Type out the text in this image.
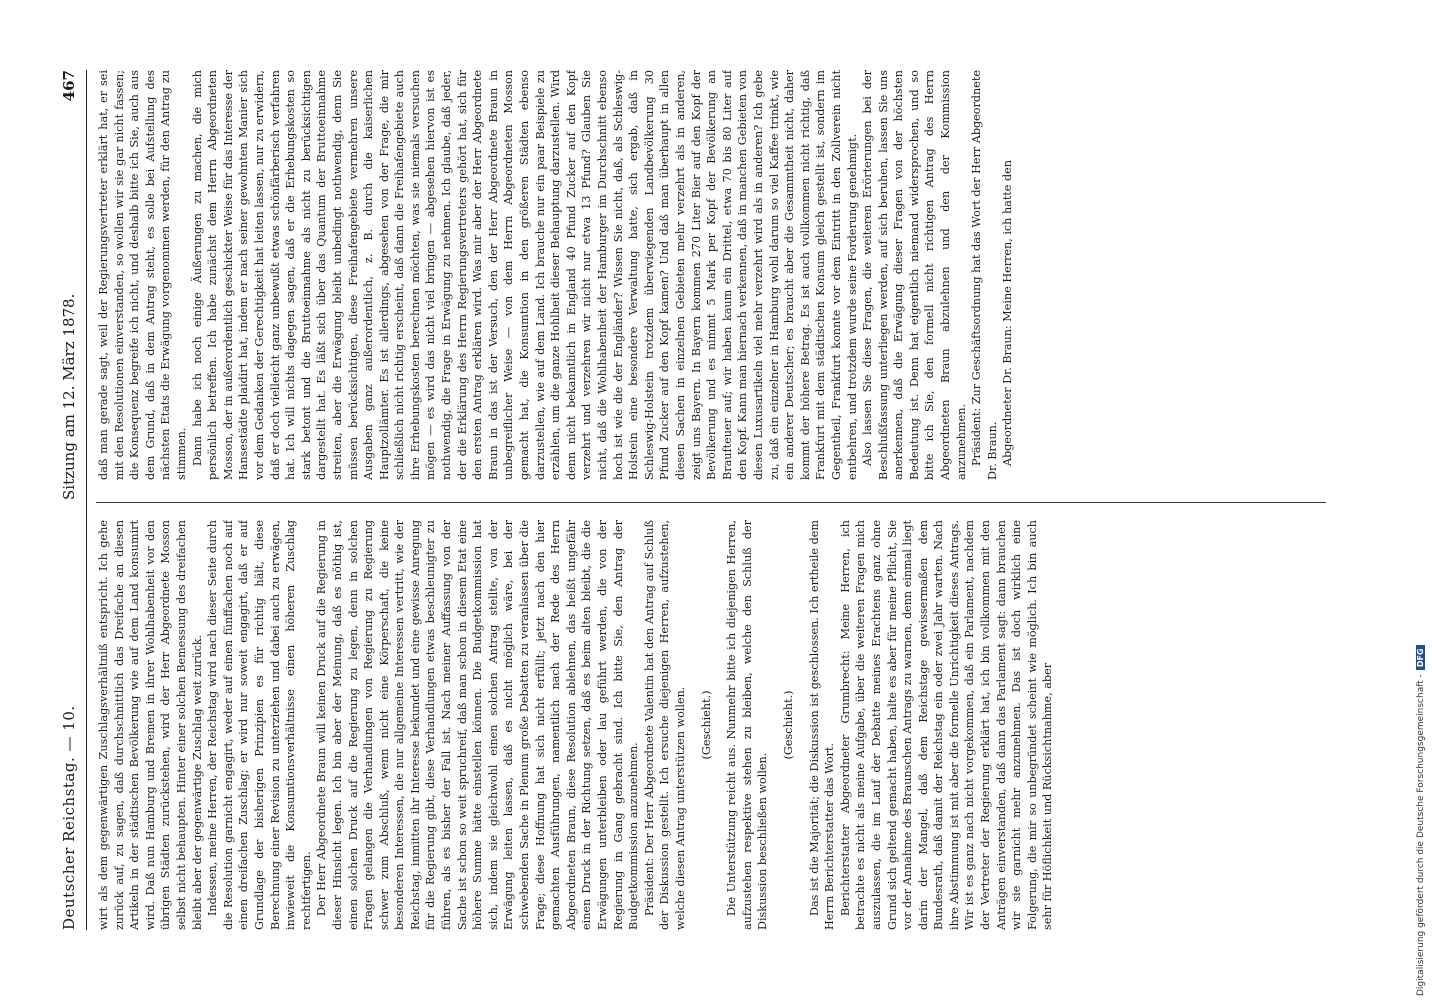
Deutscher Reichstag. — 10.
Sitzung am 12. März 1878.
467

wirt als dem gegenwärtigen Zuschlagsverhältniß entspricht. Ich gehe zurück auf, zu sagen, daß durchschnittlich das Dreifache an diesen Artikeln in der städtischen Bevölkerung wie auf dem Land konsumirt wird. Daß nun Hamburg und Bremen in ihrer Wohlhabenheit vor den übrigen Städten zurückstehen, wird der Herr Abgeordnete Mosson selbst nicht behaupten. Hinter einer solchen Bemessung des dreifachen bleibt aber der gegenwärtige Zuschlag weit zurück. Indessen, meine Herren, der Reichstag wird nach dieser Seite durch die Resolution garnicht engagirt, weder auf einen fünffachen noch auf einen dreifachen Zuschlag; er wird nur soweit engagirt, daß er auf Grundlage der bisherigen Prinzipien es für richtig hält, diese Berechnung einer Revision zu unterziehen und dabei auch zu erwägen, inwieweit die Konsumtionsverhältnisse einen höheren Zuschlag rechtfertigen. Der Herr Abgeordnete Braun will keinen Druck auf die Regierung in dieser Hinsicht legen. Ich bin aber der Meinung, daß es nöthig ist, einen solchen Druck auf die Regierung zu legen, denn in solchen Fragen gelangen die Verhandlungen von Regierung zu Regierung schwer zum Abschluß, wenn nicht eine Körperschaft, die keine besonderen Interessen, die nur allgemeine Interessen vertritt, wie der Reichstag, inmitten ihr Interesse bekundet und eine gewisse Anregung für die Regierung gibt, diese Verhandlungen etwas beschleunigter zu führen, als es bisher der Fall ist. Nach meiner Auffassung von der Sache ist schon so weit spruchreif, daß man schon in diesem Etat eine höhere Summe hätte einstellen können. Die Budgetkommission hat sich, indem sie gleichwohl einen solchen Antrag stellte, von der Erwägung leiten lassen, daß es nicht möglich wäre, bei der schwebenden Sache in Plenum große Debatten zu veranlassen über die Frage; diese Hoffnung hat sich nicht erfüllt; jetzt nach den hier gemachten Ausführungen, namentlich nach der Rede des Herrn Abgeordneten Braun, diese Resolution ablehnen, das heißt ungefähr einen Druck in der Richtung setzen, daß es beim alten bleibt, die die Erwägungen unterbleiben oder lau geführt werden, die von der Regierung in Gang gebracht sind. Ich bitte Sie, den Antrag der Budgetkommission anzunehmen. Präsident: Der Herr Abgeordnete Valentin hat den Antrag auf Schluß der Diskussion gestellt. Ich ersuche diejenigen Herren, aufzustehen, welche diesen Antrag unterstützen wollen. (Geschieht.) Die Unterstützung reicht aus. Nunmehr bitte ich diejenigen Herren, aufzustehen respektive stehen zu bleiben, welche den Schluß der Diskussion beschließen wollen.

(Geschieht.) Das ist die Majorität; die Diskussion ist geschlossen. Ich ertheile dem Herrn Berichterstatter das Wort. Berichterstatter Abgeordneter Grumbrecht: Meine Herren, ich betrachte es nicht als meine Aufgabe, über die weiteren Fragen mich auszulassen, die im Lauf der Debatte meines Erachtens ganz ohne Grund sich geltend gemacht haben, halte es aber für meine Pflicht, Sie vor der Annahme des Braunschen Antrags zu warnen, denn einmal liegt darin der Mangel, daß dem Reichstage gewissermaßen dem Bundesrath, daß damit der Reichstag ein oder zwei Jahr warten. Nach ihre Abstimmung ist mit aber die formelle Unrichtigkeit dieses Antrags. Wir ist es ganz nach nicht vorgekommen, daß ein Parlament, nachdem der Vertreter der Regierung erklärt hat, ich bin vollkommen mit den Anträgen einverstanden, daß dann das Parlament sagt: dann brauchen wir sie garnicht mehr anzunehmen. Das ist doch wirklich eine Folgerung, die mir so unbegründet scheint wie möglich. Ich bin auch sehr für Höflichkeit und Rücksichtnahme, aber

daß man gerade sagt, weil der Regierungsvertreter erklärt hat, er sei mit den Resolutionen einverstanden, so wollen wir sie gar nicht fassen; die Konsequenz begreife ich nicht, und deshalb bitte ich Sie, auch aus dem Grund, daß in dem Antrag steht, es solle bei Aufstellung des nächsten Etats die Erwägung vorgenommen werden, für den Antrag zu stimmen. Dann habe ich noch einige Äußerungen zu machen, die mich persönlich betreffen. Ich habe zunächst dem Herrn Abgeordneten Mosson, der in außerordentlich geschickter Weise für das Interesse der Hansestädte plaidirt hat, indem er nach seiner gewohnten Manier sich vor dem Gedanken der Gerechtigkeit hat leiten lassen, nur zu erwidern, daß er doch vielleicht ganz unbewußt etwas schönfärberisch verfahren hat. Ich will nichts dagegen sagen, daß er die Erhebungskosten so stark betont und die Bruttoeinnahme als nicht zu berücksichtigen dargestellt hat. Es läßt sich über das Quantum der Bruttoeinnahme streiten, aber die Erwägung bleibt unbedingt nothwendig, denn Sie müssen berücksichtigen, diese Freihafengebiete vermehren unsere Ausgaben ganz außerordentlich, z. B. durch die kaiserlichen Hauptzollämter. Es ist allerdings, abgesehen von der Frage, die mir schließlich nicht richtig erscheint, daß dann die Freihafengebiete auch ihre Erhebungskosten berechnen möchten, was sie niemals versuchen mögen — es wird das nicht viel bringen — abgesehen hiervon ist es nothwendig, die Frage in Erwägung zu nehmen. Ich glaube, daß jeder, der die Erklärung des Herrn Regierungsvertreters gehört hat, sich für den ersten Antrag erklären wird. Was mir aber der Herr Abgeordnete Braun in das ist der Versuch, den der Herr Abgeordnete Braun in unbegreiflicher Weise — von dem Herrn Abgeordneten Mosson gemacht hat, die Konsumtion in den größeren Städten ebenso darzustellen, wie auf dem Land. Ich brauche nur ein paar Beispiele zu erzählen, um die ganze Hohlheit dieser Behauptung darzustellen. Wird denn nicht bekanntlich in England 40 Pfund Zucker auf den Kopf verzehrt und verzehren wir nicht nur etwa 13 Pfund? Glauben Sie nicht, daß die Wohlhabenheit der Hamburger im Durchschnitt ebenso hoch ist wie die der Engländer? Wissen Sie nicht, daß, als Schleswig-Holstein eine besondere Verwaltung hatte, sich ergab, daß in Schleswig-Holstein trotzdem überwiegenden Landbevölkerung 30 Pfund Zucker auf den Kopf kamen? Und daß man überhaupt in allen diesen Sachen in einzelnen Gebieten mehr verzehrt als in anderen, zeigt uns Bayern. In Bayern kommen 270 Liter Bier auf den Kopf der Bevölkerung und es nimmt 5 Mark per Kopf der Bevölkerung an Braufteuer auf; wir haben kaum ein Drittel, etwa 70 bis 80 Liter auf den Kopf. Kann man hiernach verkennen, daß in manchen Gebieten von diesen Luxusartikeln viel mehr verzehrt wird als in anderen? Ich gebe zu, daß ein einzelner in Hamburg wohl darum so viel Kaffee trinkt, wie ein anderer Deutscher; es braucht aber die Gesammtheit nicht, daher kommt der höhere Betrag. Es ist auch vollkommen nicht richtig, daß Frankfurt mit dem städtischen Konsum gleich gestellt ist, sondern im Gegentheil, Frankfurt konnte vor dem Eintritt in den Zollverein nicht entbehren, und trotzdem wurde seine Forderung genehmigt. Also lassen Sie diese Fragen, die weiteren Erörterungen bei der Beschlußfassung unterliegen werden, auf sich beruhen, lassen Sie uns anerkennen, daß die Erwägung dieser Fragen von der höchsten Bedeutung ist. Denn hat eigentlich niemand widersprochen, und so bitte ich Sie, den formell nicht richtigen Antrag des Herrn Abgeordneten Braun abzulehnen und den der Kommission anzunehmen. Präsident: Zur Geschäftsordnung hat das Wort der Herr Abgeordnete Dr. Braun. Abgeordneter Dr. Braun: Meine Herren, ich hatte den

Digitalisierung gefördert durch die Deutsche Forschungsgemeinschaft -DFG
